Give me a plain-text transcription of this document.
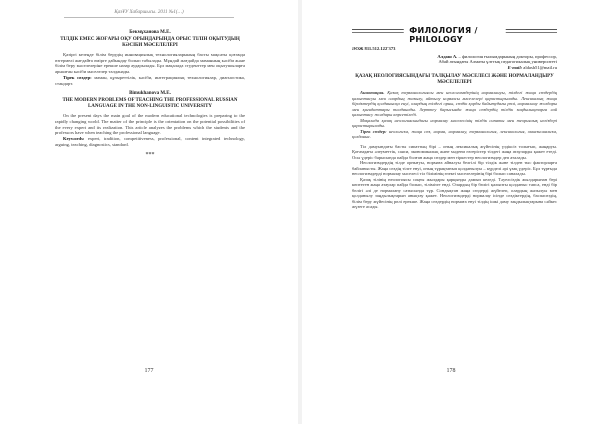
ҚазҰУ Хабаршысы. 2011 №1(…)

Бекмұханова М.Е.

ТІЛДІК ЕМЕС ЖОҒАРЫ ОҚУ ОРЫНДАРЫНДА ОРЫС ТІЛІН ОҚЫТУДЫҢ КӘСІБИ МӘСЕЛЕЛЕРІ

Қазіргі кезеңде білім берудің инновациялық технологияларының басты мақсаты қоғамда өзгермелі жағдайға өмірге дайындау болып табылады. Мұндай жағдайда маманның кәсіби және білім беру мәселелеріне ерекше назар аударылады. Бұл мақалада студенттер мен оқытушыларға арналған кәсіби мәселелер талданады.

Тірек сөздер: маман, құзыреттілік, кәсіби, интеграциялық технологиялар, диагностика, стандарт.

Bimukhanova M.E.

THE MODERN PROBLEMS OF TEACHING THE PROFESSIONAL RUSSIAN LANGUAGE IN THE NON-LINGUISTIC UNIVERSITY

On the present days the main goal of the modern educational technologies is preparing to the rapidly changing world. The matter of the principle is the orientation on the potential possibilities of the every expert and its realization. This article analyzes the problems which the students and the professors have when teaching the professional language.

Keywords: expert, tradition, competitiveness, professional, content integrated technology, arguing, teaching, diagnostics, standard.

***
177
ФИЛОЛОГИЯ / PHILOLOGY

ӘОЖ 811.512.122'373

Алдаш А. – филология ғылымдарының докторы, профессор,

Абай атындағы Алматы ұлттық педагогикалық университеті

E-mail: aldash51@mail.ru

ҚАЗАҚ НЕОЛОГИЯСЫНДАҒЫ ТАЛҚЫЛАУ МӘСЕЛЕСІ ЖӘНЕ НОРМАЛАНДЫРУ МӘСЕЛЕЛЕРІ

Аннотация. Қазақ терминологиясы мен неологизмдерінің нормалануы, тілдегі жаңа сөздердің қалыптасуы мен олардың жазылу, айтылу нормасы мәселелері қарастырылады. Лексикалық жаңа бірліктердің қолданысқа енуі, олардың тілдегі орны, сөздік қорды байытудағы рөлі, нормалану жолдары мен қағидаттары талданады. Зерттеу барысында жаңа сөздердің тілдік заңдылықтарға сай қалыптасу жолдары көрсетіледі.

Мақалада қазақ неологиясындағы нормалау мәселесінің тілдік сипаты мен теориялық негіздері қарастырылады.

Тірек сөздер: неологизм, жаңа сөз, норма, нормалау, терминология, лексикология, окказионализм, қолданыс.

Тіл дамуындағы басты сипаттың бірі – оның лексикалық жүйесінің үздіксіз толығып, жаңаруы. Қоғамдағы әлеуметтік, саяси, экономикалық және мәдени өзгерістер тілдегі жаңа атауларды қажет етеді. Осы үдеріс барысында пайда болған жаңа сөздер мен тіркестер неологизмдер деп аталады.

Неологизмдердің тілде орнығуы, нормаға айналуы белгілі бір тілдік және тілден тыс факторларға байланысты. Жаңа сөздің тілге енуі, оның тұрақтанып қолданылуы – күрделі әрі ұзақ үдеріс. Бұл тұрғыда неологизмдерді нормалау мәселесі тіл білімінің өзекті мәселелерінің бірі болып саналады.

Қазақ тілінің неологиясы соңғы жылдары қарқынды дамып келеді. Тәуелсіздік жылдарынан бері көптеген жаңа атаулар пайда болып, тілімізге енді. Олардың бір бөлігі қалыпты қолданыс тапса, енді бір бөлігі әлі де нормалану сатысында тұр. Сондықтан жаңа сөздерді жүйелеп, олардың жазылуы мен қолданылу заңдылықтарын анықтау қажет. Неологизмдерді нормалау ісінде сөздіктердің, баспасөздің, білім беру жүйесінің рөлі ерекше. Жаңа сөздердің нормаға енуі тілдің ішкі даму заңдылықтарына сәйкес жүзеге асады.

178
